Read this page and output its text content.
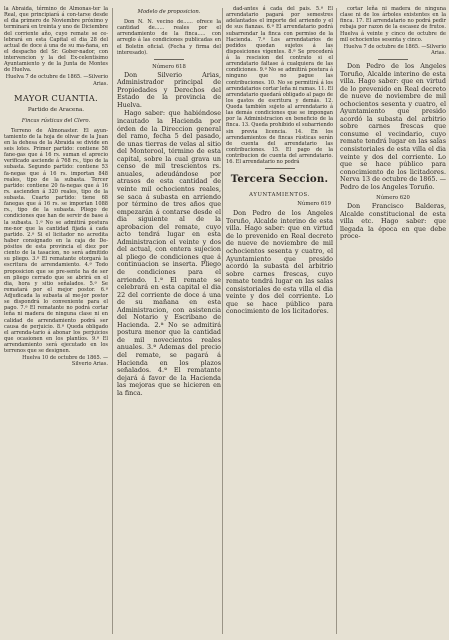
la Abraida, término de Almonas-ter la Real, que principiará á con-tarse desde el dia primero de Noviembre próximo y terminará en treinta y uno de Diciembre del corriente año, cuyo remate se ce-lebrará en esta Capital el dia 28 del actual de doce á una de su ma-ñana, en el despacho del Sr. Gober-nador, con intervencion y la del Ex-celentisimo Ayuntamiento y de la Junta de Montes de Huelva.

Huelva 7 de octubre de 1865. —Silverio Arias.

MAYOR CUANTIA.
Partido de Aracena.
Fincas rústicas del Clero.

Terreno de Almonaster. El ayun-tamiento de la hoja de olivar de la Juan en la dehesa de la Abraida se divide en seis lotes. Primer partido: contiene 58 fane-gas que á 16 rs. suman el aprecio verificado asciende á 768 rs., tipo de la subasta. Segundo partido: contiene 53 fa-negas que á 16 rs. importan 848 reales, tipo de la subasta. Tercer partido: contiene 20 fa-negas que á 16 rs. ascienden á 320 reales, tipo de la subasta. Cuarto partido: tiene 68 fanegas que á 16 rs. se importan 1088 rs., tipo de la subasta. Pliego de condiciones que han de servir de base á la subasta. 1.ª No se admitirá postura me-nor que la cantidad fijada á cada partido. 2.ª Si el licitador no acredita haber consignado en la caja de De-pósitos de esta provincia el diez por ciento de la tasacion, no será admitido su pliego. 3.ª El rematante otorgará la escritura de arrendamiento. 4.ª Todo proposicion que se pre-sente ha de ser en pliego cerrado que se abrirá en el dia, hora y sitio señalados. 5.ª Se rematará por el mejor postor. 6.ª Adjudicada la subasta al me-jor postor se dispondrá lo conveniente para el pago. 7.ª El rematante no podrá cortar leña ni madera de ninguna clase ni en calidad de arrendamiento podrá ser causa de perjuicio. 8.ª Queda obligado el arrenda-tario á abonar los perjuicios que ocasionen en los plantíos. 9.ª El arrendamiento será ejecutado en los terrenos que se designen.

Huelva 10 de octubre de 1865. —Silverio Arias.

Modelo de proposicion.

Don N. N. vecino de...... ofrece la cantidad de...... reales por el arrendamiento de la finca..... con arreglo á las condiciones publicadas en el Boletin oficial. (Fecha y firma del interesado).

Número 618

Don Silverio Arias, Administrador principal de Propiedades y Derechos del Estado de la provincia de Huelva.

Hago saber: que habiéndose incautado la Hacienda por órden de la Direccion general del ramo, fecha 5 del pasado, de unas tierras de velas al sitio del Monterool, término de esta capital, sobre la cual grava un censo de mil trescientos rs. anuales, adeudándose por atrasos de esta cantidad de veinte mil ochocientos reales, se saca á subasta en arriendo por término de tres años que empezarán á contarse desde el dia siguiente al de la aprobacion del remate, cuyo acto tendrá lugar en esta Administracion el veinte y dos del actual, con entera sujecion al pliego de condiciones que á continuacion se inserta. Pliego de condiciones para el arriendo. 1.ª El remate se celebrará en esta capital el dia 22 del corriente de doce á una de su mañana en esta Administracion, con asistencia del Notario y Escribano de Hacienda. 2.ª No se admitirá postura menor que la cantidad de mil novecientos reales anuales. 3.ª Ademas del precio del remate, se pagará á Hacienda en los plazos señalados. 4.ª El rematante dejará á favor de la Hacienda las mejoras que se hicieren en la finca.

dad-antes á cada del pais. 5.ª El arrendatario pagará por semestres adelantados el importe del arriendo y el de sus fianzas. 6.ª El arrendatario podrá subarrendar la finca con permiso de la Hacienda. 7.ª Los arrendatarios de pedidos quedan sujetos á las disposiciones vigentes. 8.ª Se procederá á la rescision del contrato si el arrendatario faltase á cualquiera de las condiciones. 9.ª No se admitirá postura á ninguno que no pague las contribuciones. 10. No se permitirá á los arrendatarios cortar leña ni ramas. 11. El arrendatario quedará obligado al pago de los gastos de escritura y demás. 12. Queda también sujeto al arrendatario á las demás condiciones que se impongan por la Administracion en beneficio de la finca. 13. Queda prohibido el subarriendo sin previa licencia. 14. En los arrendamientos de fincas rústicas serán de cuenta del arrendatario las contribuciones. 15. El pago de la contribucion de cuenta del arrendatario. 16. El arrendatario no podrá

Tercera Seccion.
AYUNTAMIENTOS.
Número 619

Don Pedro de los Angeles Toruño, Alcalde interino de esta villa. Hago saber: que en virtud de lo prevenido en Real decreto de nueve de noviembre de mil ochocientos sesenta y cuatro, el Ayuntamiento que presido acordó la subasta del arbitrio sobre carnes frescas, cuyo remate tendrá lugar en las salas consistoriales de esta villa el dia veinte y dos del corriente. Lo que se hace público para conocimiento de los licitadores.

cortar leña ni madera de ninguna clase ni de los árboles existentes en la finca. 17. El arrendatario no podrá pedir rebaja por razon de la escasez de frutos. Huelva á veinte y cinco de octubre de mil ochocientos sesenta y cinco.

Huelva 7 de octubre de 1865. —Silverio Arias.

Don Pedro de los Angeles Toruño, Alcalde interino de esta villa. Hago saber: que en virtud de lo prevenido en Real decreto de nueve de noviembre de mil ochocientos sesenta y cuatro, el Ayuntamiento que presido acordó la subasta del arbitrio sobre carnes frescas que consume el vecindario, cuyo remate tendrá lugar en las salas consistoriales de esta villa el dia veinte y dos del corriente. Lo que se hace público para conocimiento de los licitadores. Nerva 13 de octubre de 1865. —Pedro de los Angeles Toruño.

Número 620

Don Francisco Balderas, Alcalde constitucional de esta villa etc. Hago saber: que llegada la época en que debe proce-
